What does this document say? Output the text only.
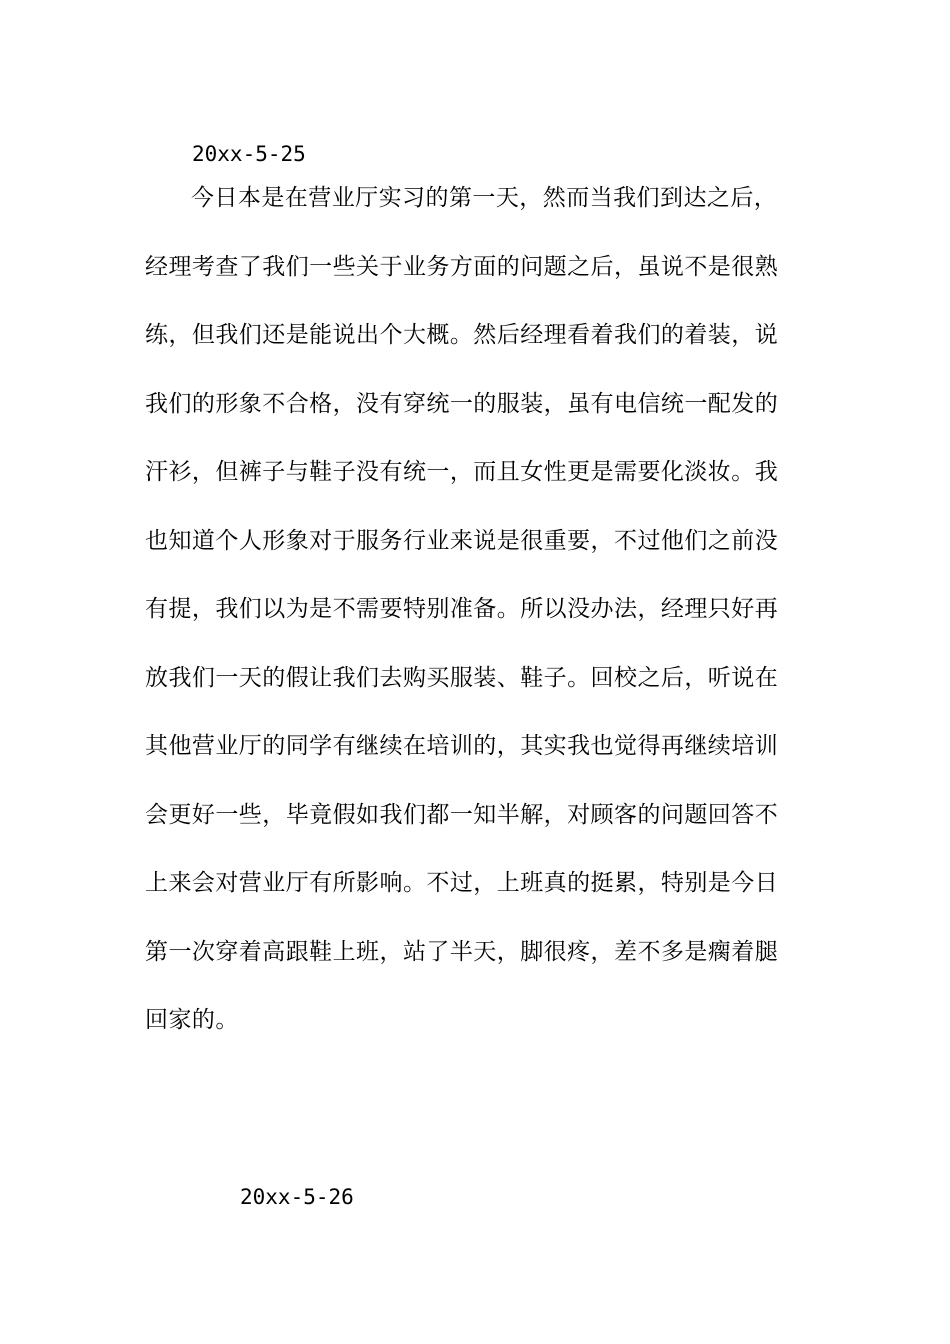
20xx-5-25
今日本是在营业厅实习的第一天，然而当我们到达之后，
经理考查了我们一些关于业务方面的问题之后，虽说不是很熟
练，但我们还是能说出个大概。然后经理看着我们的着装，说
我们的形象不合格，没有穿统一的服装，虽有电信统一配发的
汗衫，但裤子与鞋子没有统一，而且女性更是需要化淡妆。我
也知道个人形象对于服务行业来说是很重要，不过他们之前没
有提，我们以为是不需要特别准备。所以没办法，经理只好再
放我们一天的假让我们去购买服装、鞋子。回校之后，听说在
其他营业厅的同学有继续在培训的，其实我也觉得再继续培训
会更好一些，毕竟假如我们都一知半解，对顾客的问题回答不
上来会对营业厅有所影响。不过，上班真的挺累，特别是今日
第一次穿着高跟鞋上班，站了半天，脚很疼，差不多是瘸着腿
回家的。
20xx-5-26
